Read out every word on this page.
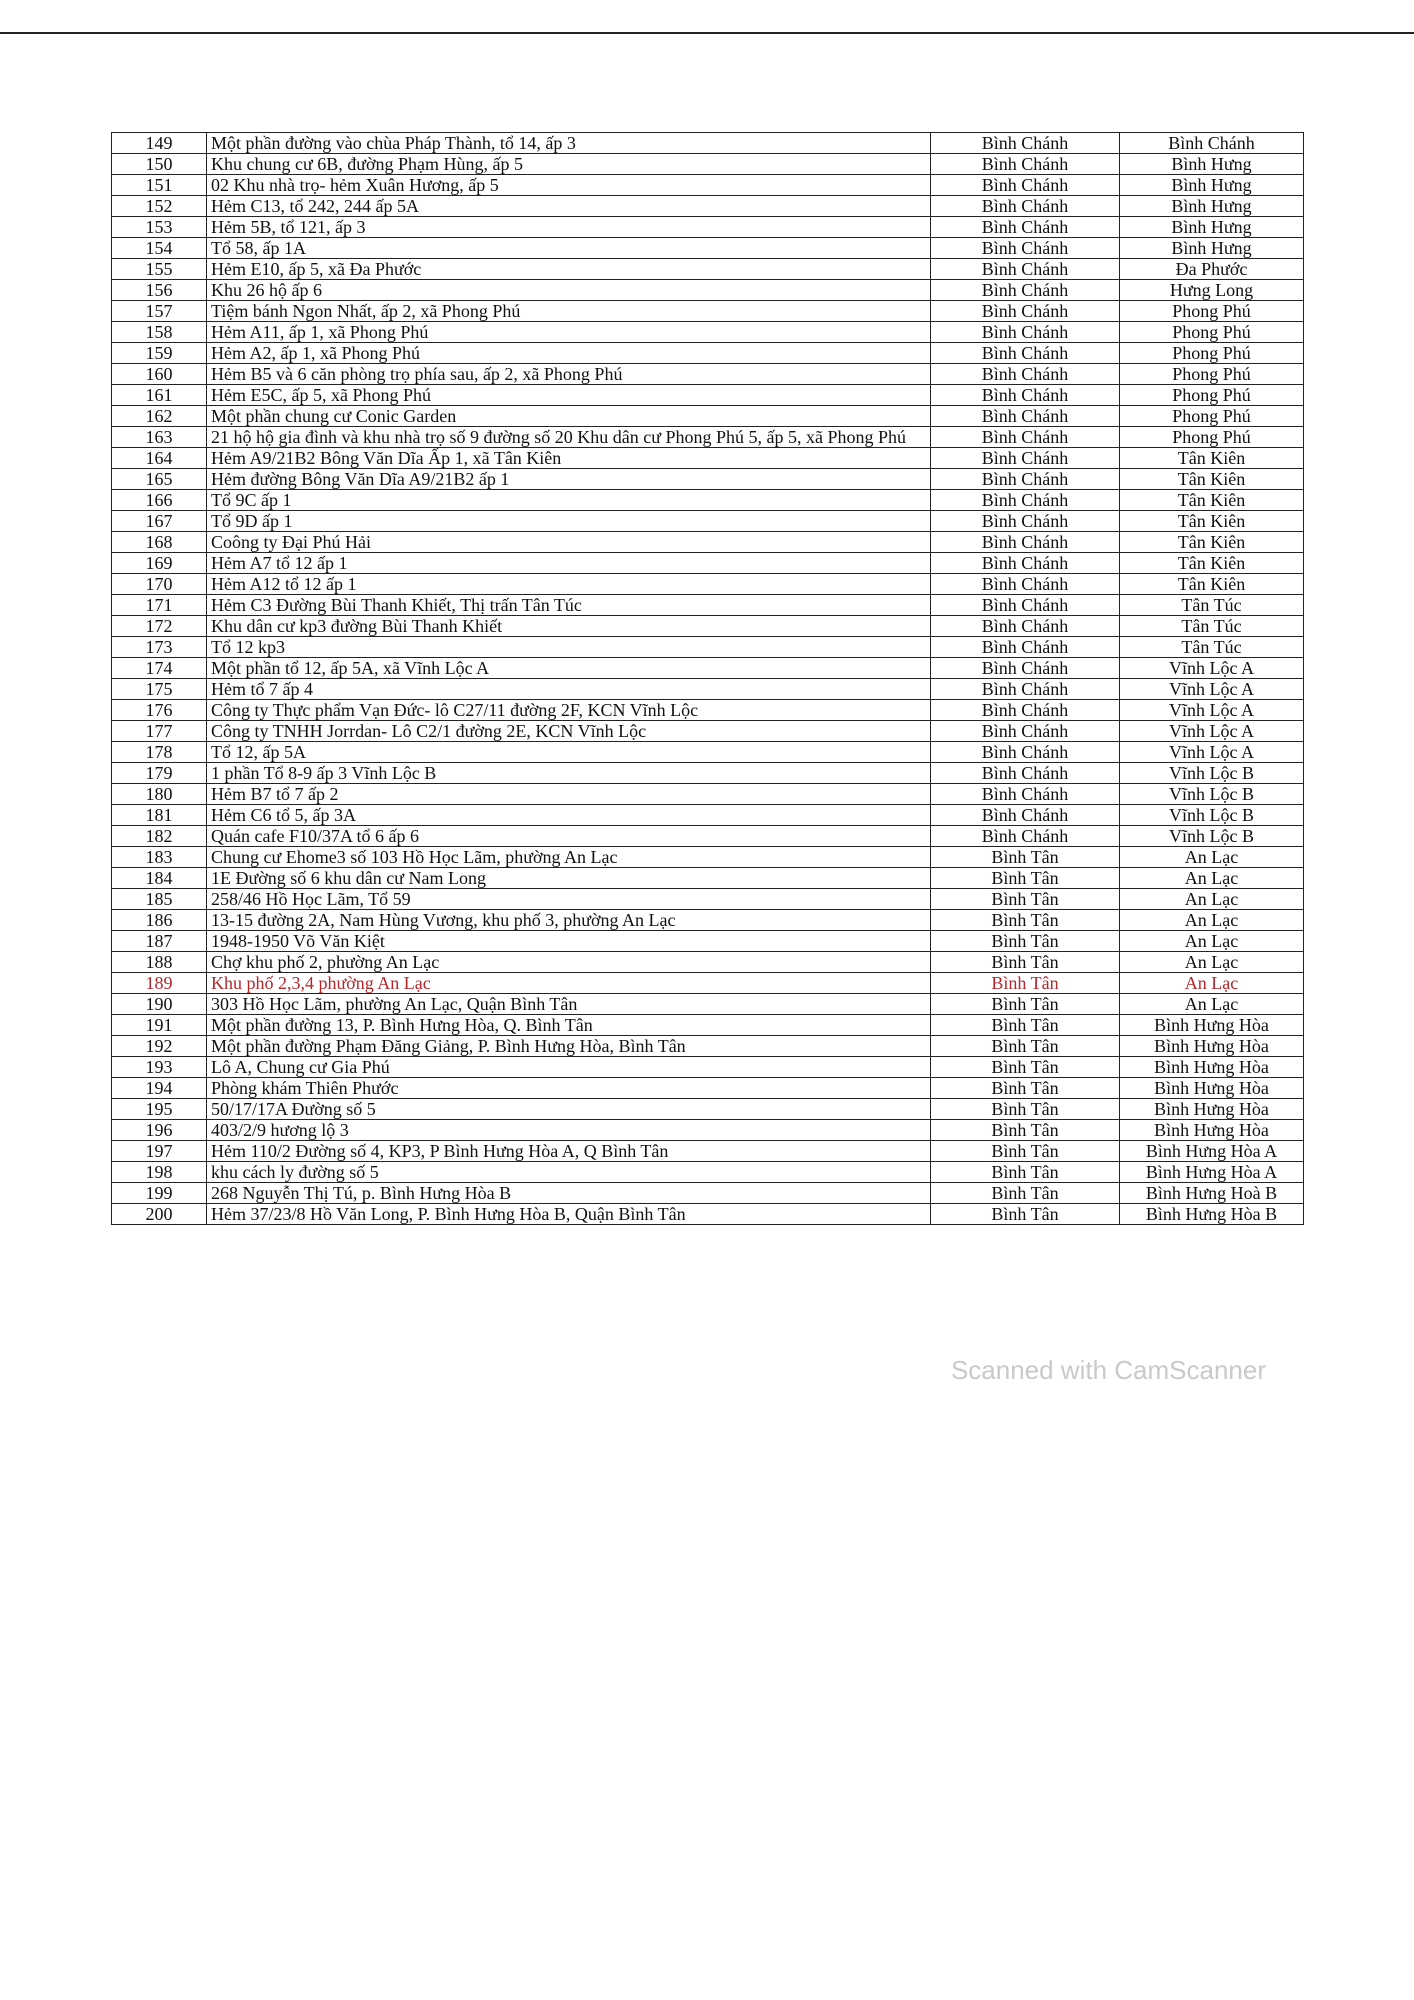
149	Một phần đường vào chùa Pháp Thành, tổ 14, ấp 3	Bình Chánh	Bình Chánh
150	Khu chung cư 6B, đường Phạm Hùng, ấp 5	Bình Chánh	Bình Hưng
151	02 Khu nhà trọ- hẻm Xuân Hương, ấp 5	Bình Chánh	Bình Hưng
152	Hẻm C13, tổ 242, 244 ấp 5A	Bình Chánh	Bình Hưng
153	Hẻm 5B, tổ 121, ấp 3	Bình Chánh	Bình Hưng
154	Tổ 58, ấp 1A	Bình Chánh	Bình Hưng
155	Hẻm E10, ấp 5, xã Đa Phước	Bình Chánh	Đa Phước
156	Khu 26 hộ ấp 6	Bình Chánh	Hưng Long
157	Tiệm bánh Ngon Nhất, ấp 2, xã Phong Phú	Bình Chánh	Phong Phú
158	Hẻm A11, ấp 1, xã Phong Phú	Bình Chánh	Phong Phú
159	Hẻm A2, ấp 1, xã Phong Phú	Bình Chánh	Phong Phú
160	Hẻm B5 và 6 căn phòng trọ phía sau, ấp 2, xã Phong Phú	Bình Chánh	Phong Phú
161	Hẻm E5C, ấp 5, xã Phong Phú	Bình Chánh	Phong Phú
162	Một phần chung cư Conic Garden	Bình Chánh	Phong Phú
163	21 hộ hộ gia đình và khu nhà trọ số 9 đường số 20 Khu dân cư Phong Phú 5, ấp 5, xã Phong Phú	Bình Chánh	Phong Phú
164	Hẻm A9/21B2 Bông Văn Dĩa Ấp 1, xã Tân Kiên	Bình Chánh	Tân Kiên
165	Hẻm đường Bông Văn Dĩa A9/21B2 ấp 1	Bình Chánh	Tân Kiên
166	Tổ 9C ấp 1	Bình Chánh	Tân Kiên
167	Tổ 9D ấp 1	Bình Chánh	Tân Kiên
168	Coông ty Đại Phú Hải	Bình Chánh	Tân Kiên
169	Hẻm A7 tổ 12 ấp 1	Bình Chánh	Tân Kiên
170	Hẻm A12 tổ 12 ấp 1	Bình Chánh	Tân Kiên
171	Hẻm C3 Đường Bùi Thanh Khiết, Thị trấn Tân Túc	Bình Chánh	Tân Túc
172	Khu dân cư kp3 đường Bùi Thanh Khiết	Bình Chánh	Tân Túc
173	Tổ 12 kp3	Bình Chánh	Tân Túc
174	Một phần tổ 12, ấp 5A, xã Vĩnh Lộc A	Bình Chánh	Vĩnh Lộc A
175	Hẻm tổ 7 ấp 4	Bình Chánh	Vĩnh Lộc A
176	Công ty Thực phẩm Vạn Đức- lô C27/11 đường 2F, KCN Vĩnh Lộc	Bình Chánh	Vĩnh Lộc A
177	Công ty TNHH Jorrdan- Lô C2/1 đường 2E, KCN Vĩnh Lộc	Bình Chánh	Vĩnh Lộc A
178	Tổ 12, ấp 5A	Bình Chánh	Vĩnh Lộc A
179	1 phần Tổ 8-9 ấp 3 Vĩnh Lộc B	Bình Chánh	Vĩnh Lộc B
180	Hẻm B7 tổ 7 ấp 2	Bình Chánh	Vĩnh Lộc B
181	Hẻm C6 tổ 5, ấp 3A	Bình Chánh	Vĩnh Lộc B
182	Quán cafe F10/37A tổ 6 ấp 6	Bình Chánh	Vĩnh Lộc B
183	Chung cư Ehome3 số 103 Hồ Học Lãm, phường An Lạc	Bình Tân	An Lạc
184	1E Đường số 6 khu dân cư Nam Long	Bình Tân	An Lạc
185	258/46 Hồ Học Lãm, Tổ 59	Bình Tân	An Lạc
186	13-15 đường 2A, Nam Hùng Vương, khu phố 3, phường An Lạc	Bình Tân	An Lạc
187	1948-1950 Võ Văn Kiệt	Bình Tân	An Lạc
188	Chợ khu phố 2, phường An Lạc	Bình Tân	An Lạc
189	Khu phố 2,3,4 phường An Lạc	Bình Tân	An Lạc
190	303 Hồ Học Lãm, phường An Lạc, Quận Bình Tân	Bình Tân	An Lạc
191	Một phần đường 13, P. Bình Hưng Hòa, Q. Bình Tân	Bình Tân	Bình Hưng Hòa
192	Một phần đường Phạm Đăng Giảng, P. Bình Hưng Hòa, Bình Tân	Bình Tân	Bình Hưng Hòa
193	Lô A, Chung cư Gia Phú	Bình Tân	Bình Hưng Hòa
194	Phòng khám Thiên Phước	Bình Tân	Bình Hưng Hòa
195	50/17/17A Đường số 5	Bình Tân	Bình Hưng Hòa
196	403/2/9 hương lộ 3	Bình Tân	Bình Hưng Hòa
197	Hẻm 110/2 Đường số 4, KP3, P Bình Hưng Hòa A, Q Bình Tân	Bình Tân	Bình Hưng Hòa A
198	khu cách ly đường số 5	Bình Tân	Bình Hưng Hòa A
199	268 Nguyễn Thị Tú, p. Bình Hưng Hòa B	Bình Tân	Bình Hưng Hoà B
200	Hẻm 37/23/8 Hồ Văn Long, P. Bình Hưng Hòa B, Quận Bình Tân	Bình Tân	Bình Hưng Hòa B
Scanned with CamScanner
